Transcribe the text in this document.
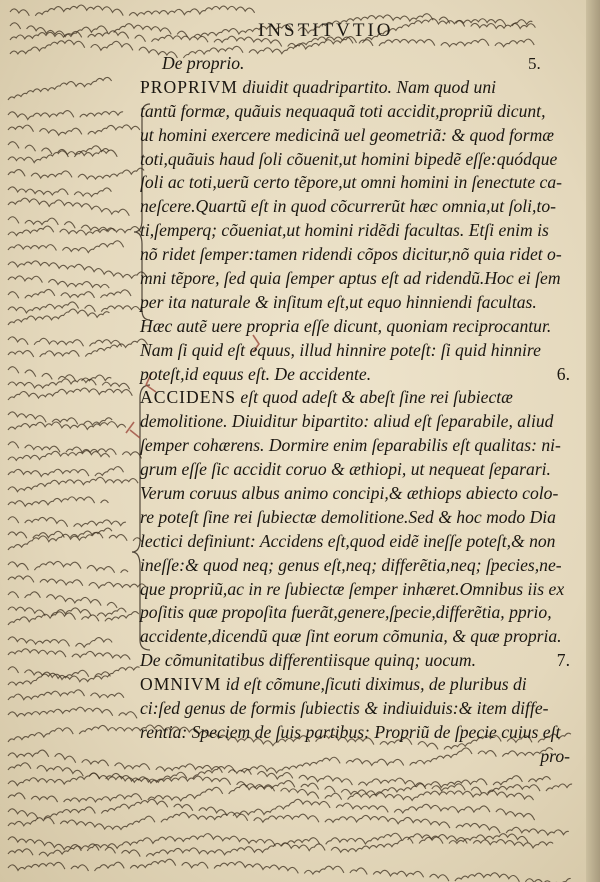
INSTITVTIO
5.
De proprio.
PROPRIVM diuidit quadripartito. Nam quod uni
tantũ formæ, quãuis nequaquã toti accidit,propriũ dicunt,
ut homini exercere medicinã uel geometriã: & quod formæ
toti,quãuis haud ſoli cõuenit,ut homini bipedẽ eſſe:quódque
ſoli ac toti,uerũ certo tẽpore,ut omni homini in ſenectute ca-
neſcere.Quartũ eſt in quod cõcurrerũt hæc omnia,ut ſoli,to-
ti,ſemperq; cõueniat,ut homini ridẽdi facultas. Etſi enim is
nõ ridet ſemper:tamen ridendi cõpos dicitur,nõ quia ridet o-
mni tẽpore, ſed quia ſemper aptus eſt ad ridendũ.Hoc ei ſem
per ita naturale & inſitum eſt,ut equo hinniendi facultas.
Hæc autẽ uere propria eſſe dicunt, quoniam reciprocantur.
Nam ſi quid eſt equus, illud hinnire poteſt: ſi quid hinnire
poteſt,id equus eſt. De accidente.	6.
ACCIDENS eſt quod adeſt & abeſt ſine rei ſubiectæ
demolitione. Diuiditur bipartito: aliud eſt ſeparabile, aliud
ſemper cohærens. Dormire enim ſeparabilis eſt qualitas: ni-
grum eſſe ſic accidit coruo & æthiopi, ut nequeat ſeparari.
Verum coruus albus animo concipi,& æthiops abiecto colo-
re poteſt ſine rei ſubiectæ demolitione.Sed & hoc modo Dia
lectici definiunt: Accidens eſt,quod eidẽ ineſſe poteſt,& non
ineſſe:& quod neq; genus eſt,neq; differẽtia,neq; ſpecies,ne-
que propriũ,ac in re ſubiectæ ſemper inhæret.Omnibus iis ex
poſitis quæ propoſita fuerãt,genere,ſpecie,differẽtia, pprio,
accidente,dicendũ quæ ſint eorum cõmunia, & quæ propria.
De cõmunitatibus differentiisque quinq; uocum.	7.
OMNIVM id eſt cõmune,ſicuti diximus, de pluribus di
ci:ſed genus de formis ſubiectis & indiuiduis:& item diffe-
rentia: Speciem de ſuis partibus: Propriũ de ſpecie cuius eſt
pro-
